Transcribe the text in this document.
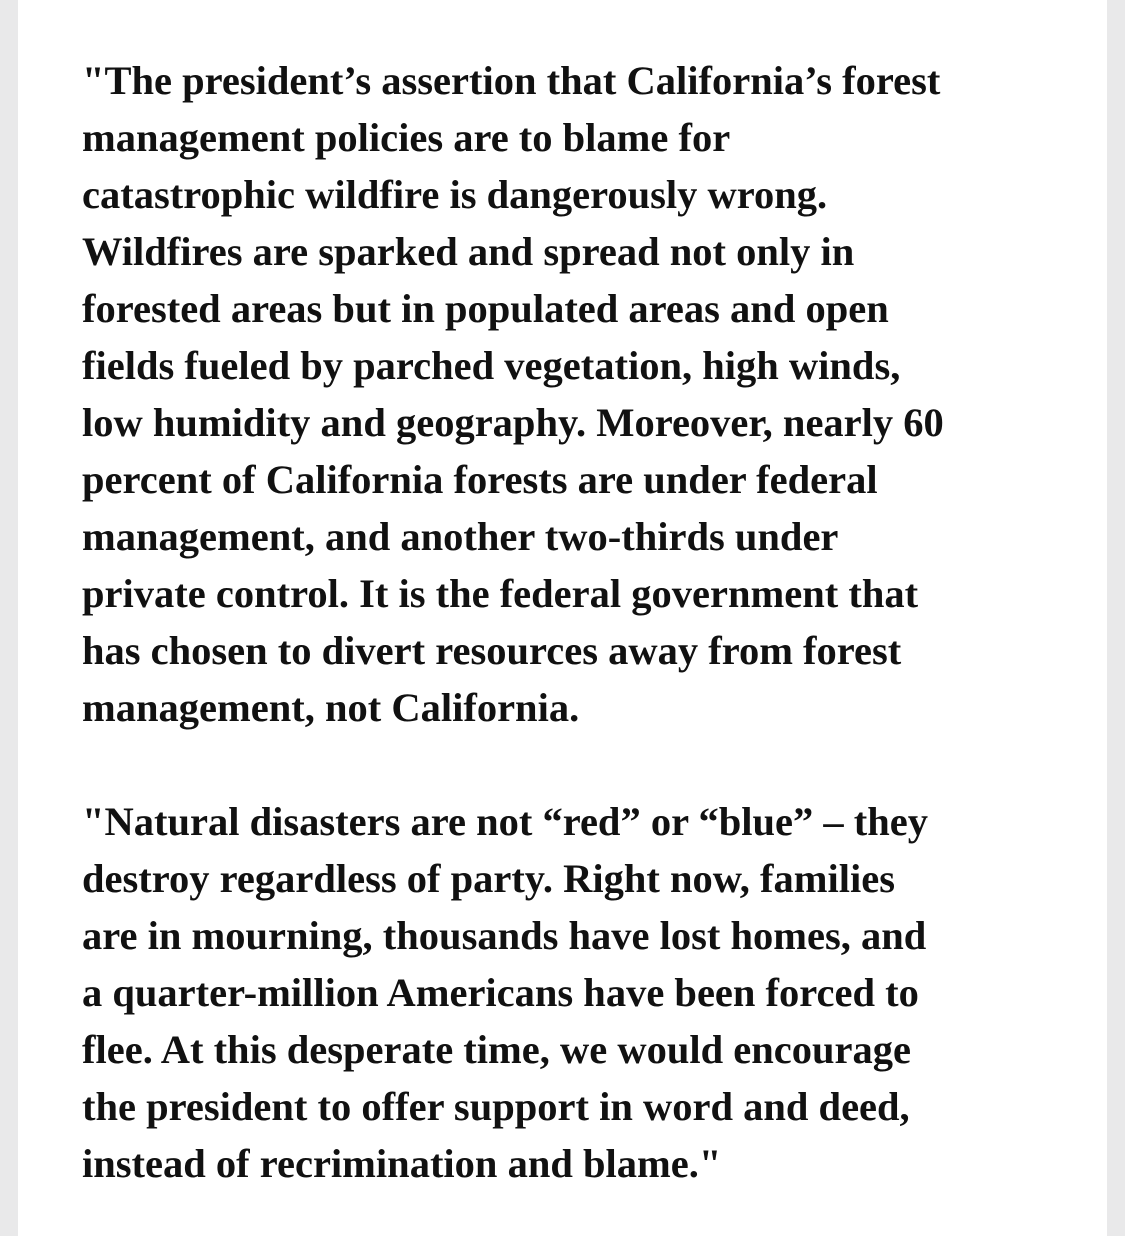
"The president’s assertion that California’s forest
management policies are to blame for
catastrophic wildfire is dangerously wrong.
Wildfires are sparked and spread not only in
forested areas but in populated areas and open
fields fueled by parched vegetation, high winds,
low humidity and geography. Moreover, nearly 60
percent of California forests are under federal
management, and another two-thirds under
private control. It is the federal government that
has chosen to divert resources away from forest
management, not California.

"Natural disasters are not “red” or “blue” – they
destroy regardless of party. Right now, families
are in mourning, thousands have lost homes, and
a quarter-million Americans have been forced to
flee. At this desperate time, we would encourage
the president to offer support in word and deed,
instead of recrimination and blame."
